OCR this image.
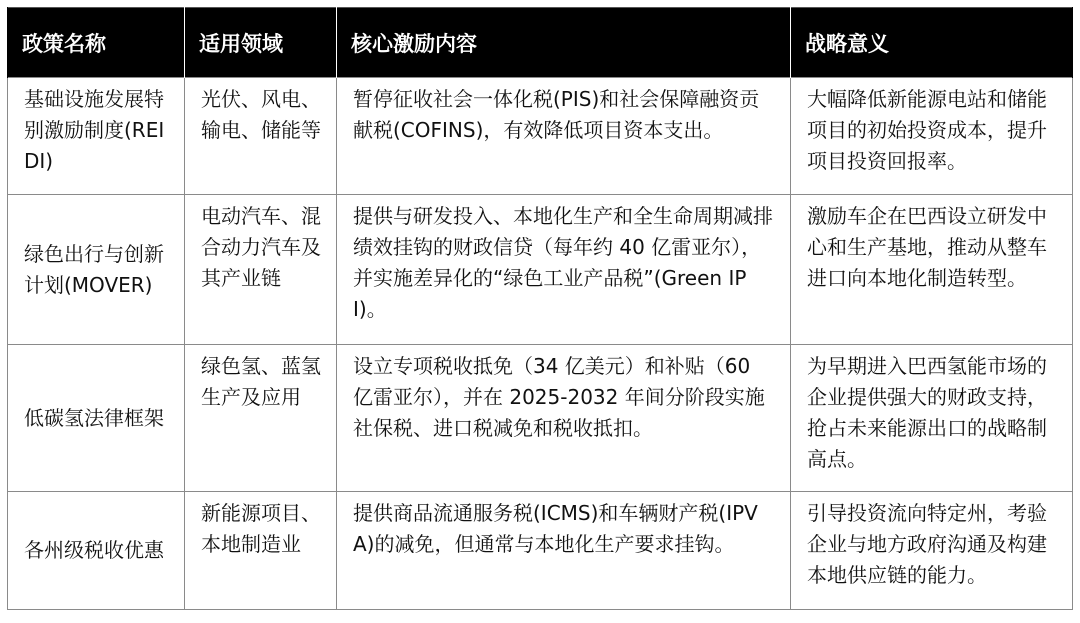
政策名称	适用领域	核心激励内容	战略意义
基础设施发展特别激励制度(REIDI)	光伏、风电、输电、储能等	暂停征收社会一体化税(PIS)和社会保障融资贡献税(COFINS)，有效降低项目资本支出。	大幅降低新能源电站和储能项目的初始投资成本，提升项目投资回报率。
绿色出行与创新计划(MOVER)	电动汽车、混合动力汽车及其产业链	提供与研发投入、本地化生产和全生命周期减排绩效挂钩的财政信贷（每年约 40 亿雷亚尔），并实施差异化的“绿色工业产品税”(Green IPI)。	激励车企在巴西设立研发中心和生产基地，推动从整车进口向本地化制造转型。
低碳氢法律框架	绿色氢、蓝氢生产及应用	设立专项税收抵免（34 亿美元）和补贴（60 亿雷亚尔），并在 2025-2032 年间分阶段实施社保税、进口税减免和税收抵扣。	为早期进入巴西氢能市场的企业提供强大的财政支持，抢占未来能源出口的战略制高点。
各州级税收优惠	新能源项目、本地制造业	提供商品流通服务税(ICMS)和车辆财产税(IPVA)的减免，但通常与本地化生产要求挂钩。	引导投资流向特定州，考验企业与地方政府沟通及构建本地供应链的能力。
